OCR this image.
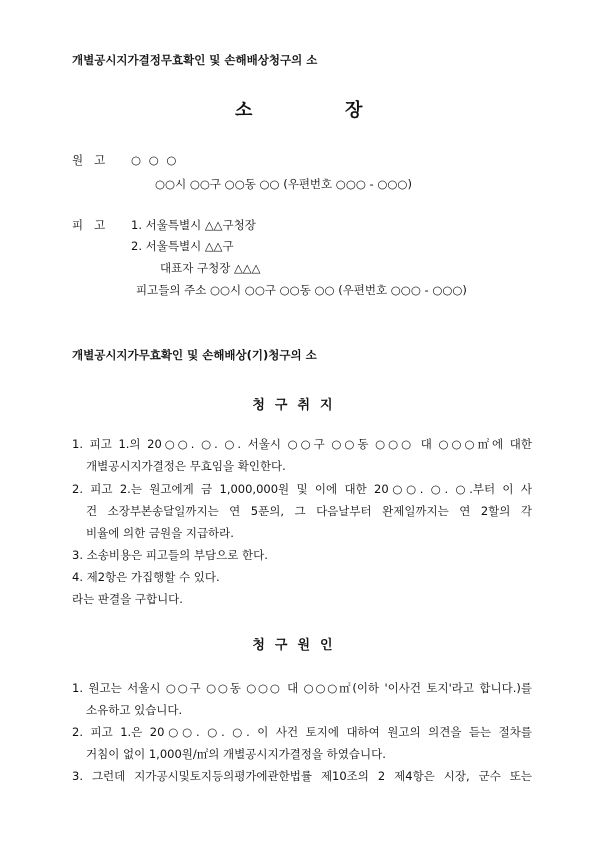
개별공시지가결정무효확인 및 손해배상청구의 소
소	장
원   고 ○ ○ ○
○○시 ○○구 ○○동 ○○ (우편번호 ○○○ - ○○○)
피   고 1. 서울특별시 △△구청장
2. 서울특별시 △△구
대표자 구청장 △△△
피고들의 주소 ○○시 ○○구 ○○동 ○○ (우편번호 ○○○ - ○○○)
개별공시지가무효확인 및 손해배상(기)청구의 소
청구취지
1. 피고 1.의 20○○. ○. ○. 서울시 ○○구 ○○동 ○○○ 대 ○○○㎡에 대한
개별공시지가결정은 무효임을 확인한다.
2. 피고 2.는 원고에게 금 1,000,000원 및 이에 대한 20○○. ○. ○.부터 이 사
건 소장부본송달일까지는 연 5푼의, 그 다음날부터 완제일까지는 연 2할의 각
비율에 의한 금원을 지급하라.
3. 소송비용은 피고들의 부담으로 한다.
4. 제2항은 가집행할 수 있다.
라는 판결을 구합니다.
청구원인
1. 원고는 서울시 ○○구 ○○동 ○○○ 대 ○○○㎡(이하 '이사건 토지'라고 합니다.)를
소유하고 있습니다.
2. 피고 1.은 20○○. ○. ○. 이 사건 토지에 대하여 원고의 의견을 듣는 절차를
거침이 없이 1,000원/㎡의 개별공시지가결정을 하였습니다.
3. 그런데 지가공시및토지등의평가에관한법률 제10조의 2 제4항은 시장, 군수 또는
